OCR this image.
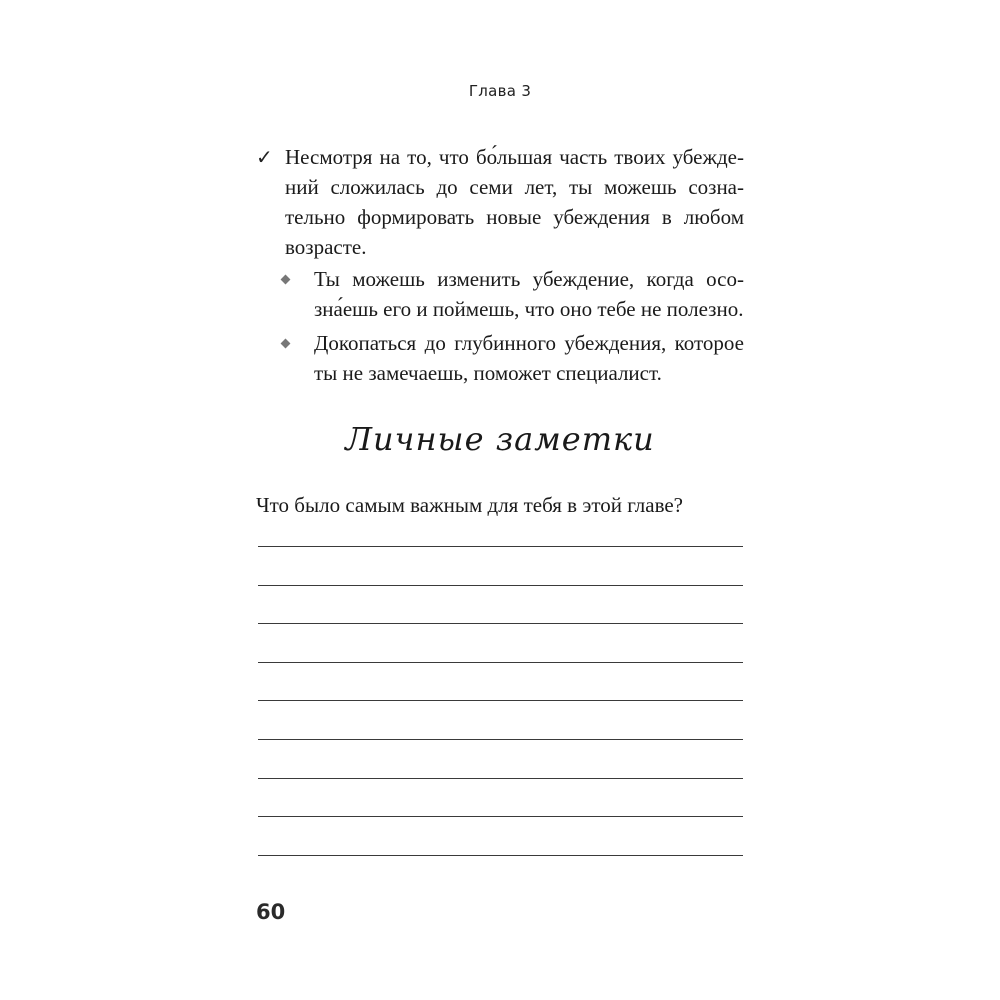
Глава 3
✓ Несмотря на то, что бо́льшая часть твоих убежде-
ний сложилась до семи лет, ты можешь созна-
тельно формировать новые убеждения в любом
возрасте.
Ты можешь изменить убеждение, когда осо-
зна́ешь его и поймешь, что оно тебе не полезно.
Докопаться до глубинного убеждения, которое
ты не замечаешь, поможет специалист.
Личные заметки
Что было самым важным для тебя в этой главе?
60
